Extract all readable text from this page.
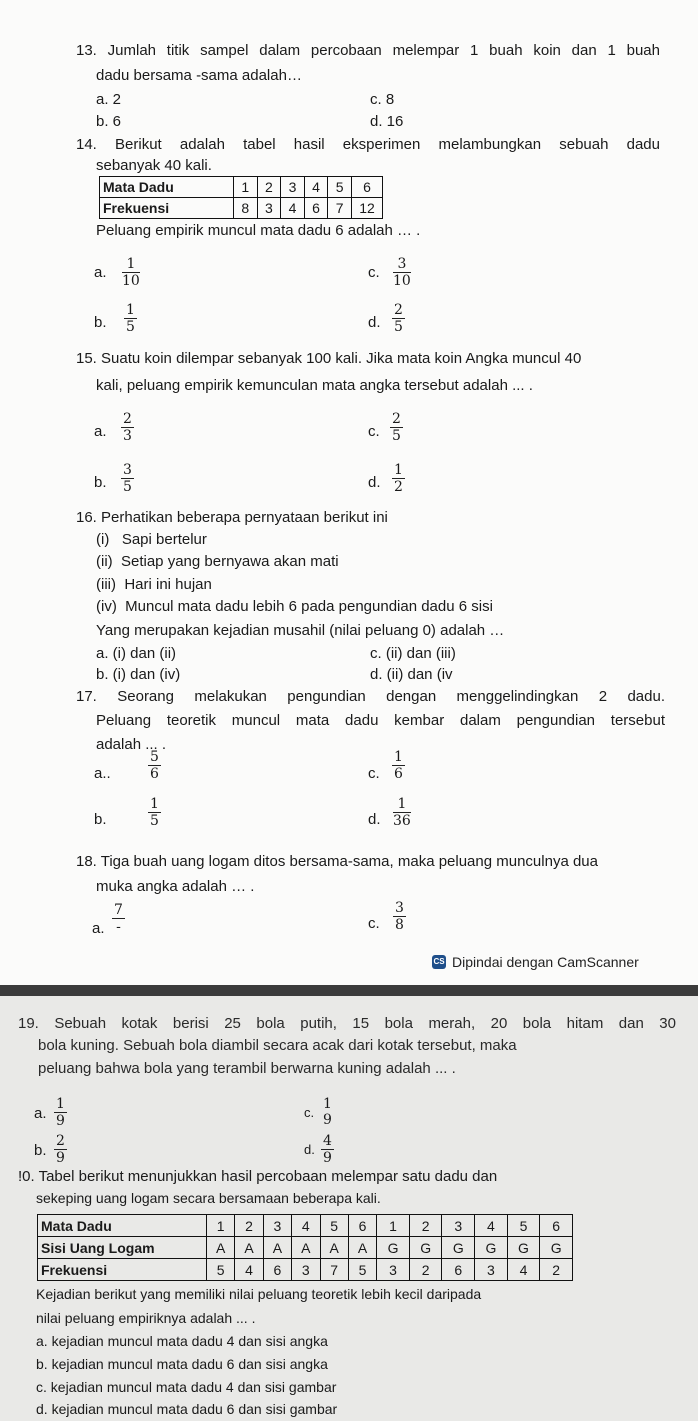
13. Jumlah titik sampel dalam percobaan melempar 1 buah koin dan 1 buah
dadu bersama -sama adalah…
a. 2	c. 8
b. 6	d. 16
14. Berikut adalah tabel hasil eksperimen melambungkan sebuah dadu
sebanyak 40 kali.
Mata Dadu	1	2	3	4	5	6
Frekuensi	8	3	4	6	7	12
Peluang empirik muncul mata dadu 6 adalah … .
a. 1
10	c. 3
10
b.
1
5	d.
2
5
15. Suatu koin dilempar sebanyak 100 kali. Jika mata koin Angka muncul 40
kali, peluang empirik kemunculan mata angka tersebut adalah ... .
a.
2
3	c.
2
5
b.
3
5	d.
1
2
16. Perhatikan beberapa pernyataan berikut ini
(i)   Sapi bertelur
(ii)  Setiap yang bernyawa akan mati
(iii)  Hari ini hujan
(iv)  Muncul mata dadu lebih 6 pada pengundian dadu 6 sisi
Yang merupakan kejadian musahil (nilai peluang 0) adalah …
a. (i) dan (ii)	c. (ii) dan (iii)
b. (i) dan (iv)	d. (ii) dan (iv
17. Seorang melakukan pengundian dengan menggelindingkan 2 dadu.
Peluang teoretik muncul mata dadu kembar dalam pengundian tersebut
adalah ... .
a..
5
6	c.
1
6
b.
1
5	d.
1
36
18. Tiga buah uang logam ditos bersama-sama, maka peluang munculnya dua
muka angka adalah … .
a.
7
-	c.
3
8
CS Dipindai dengan CamScanner
19. Sebuah kotak berisi 25 bola putih, 15 bola merah, 20 bola hitam dan 30
bola kuning. Sebuah bola diambil secara acak dari kotak tersebut, maka
peluang bahwa bola yang terambil berwarna kuning adalah ... .
a.
1
9
c.
1
9
b.
2
9
d.
4
9
!0. Tabel berikut menunjukkan hasil percobaan melempar satu dadu dan
sekeping uang logam secara bersamaan beberapa kali.
Mata Dadu	1	2	3	4	5	6	1	2	3	4	5	6
Sisi Uang Logam	A	A	A	A	A	A	G	G	G	G	G	G
Frekuensi	5	4	6	3	7	5	3	2	6	3	4	2
Kejadian berikut yang memiliki nilai peluang teoretik lebih kecil daripada
nilai peluang empiriknya adalah ... .
a. kejadian muncul mata dadu 4 dan sisi angka
b. kejadian muncul mata dadu 6 dan sisi angka
c. kejadian muncul mata dadu 4 dan sisi gambar
d. kejadian muncul mata dadu 6 dan sisi gambar
